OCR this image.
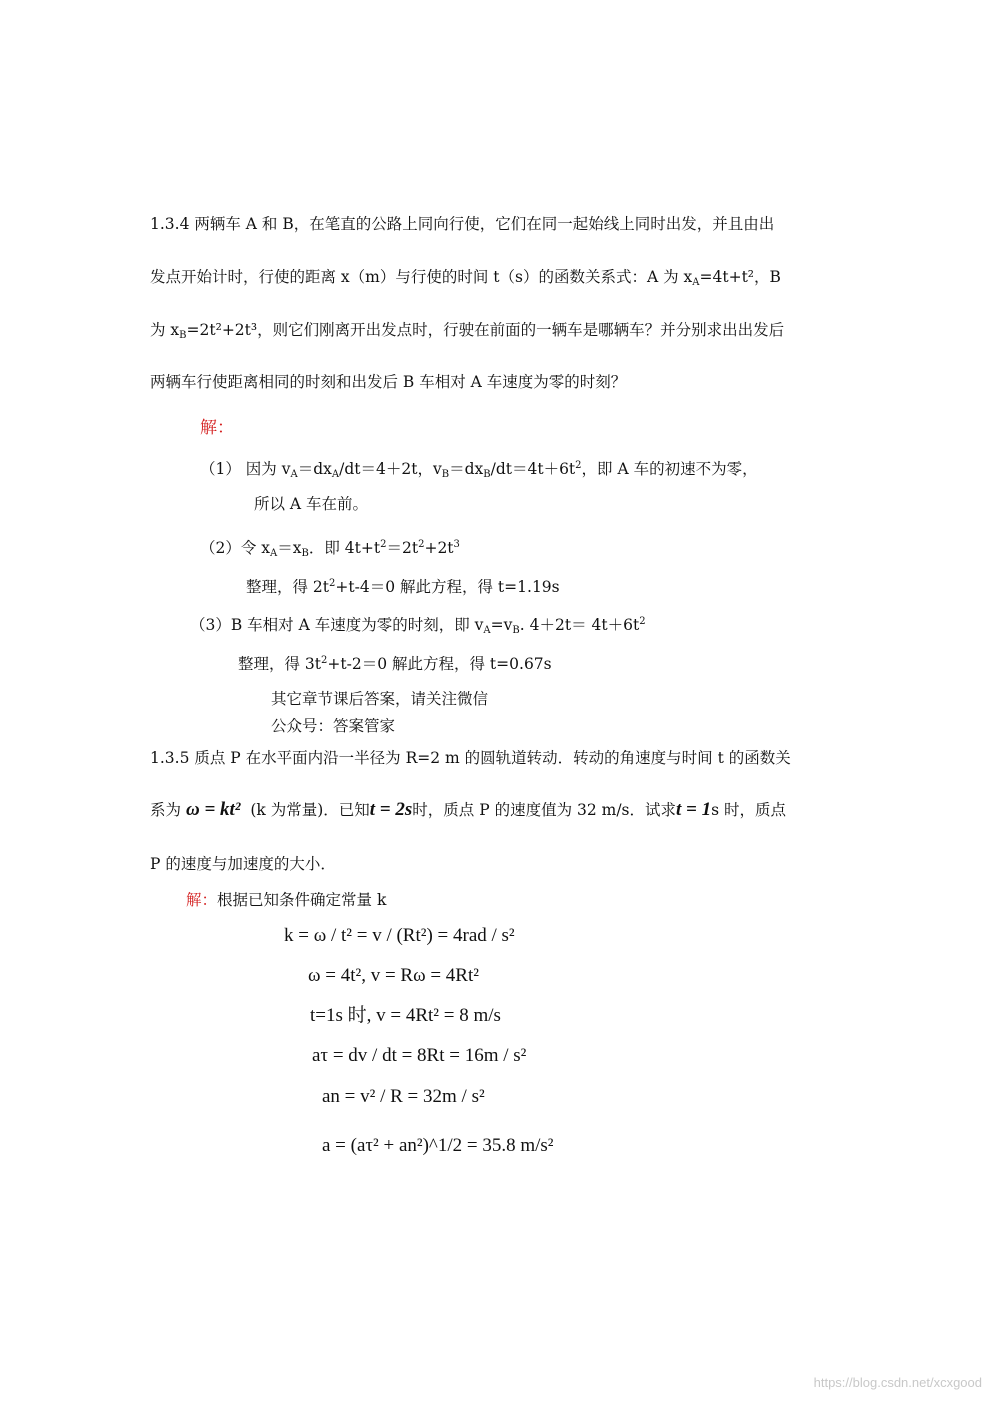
1.3.4 两辆车 A 和 B，在笔直的公路上同向行使，它们在同一起始线上同时出发，并且由出
发点开始计时，行使的距离 x（m）与行使的时间 t（s）的函数关系式：A 为 $x_A=4t+t^2$，B
为 $x_B=2t^2+2t^3$，则它们刚离开出发点时，行驶在前面的一辆车是哪辆车？并分别求出出发后
两辆车行使距离相同的时刻和出发后 B 车相对 A 车速度为零的时刻？
解：
（1） 因为 $v_A=dx_A/dt=4+2t$，$v_B=dx_B/dt=4t+6t^2$，即 A 车的初速不为零，
所以 A 车在前。
（2）令 $x_A=x_B$．即 $4t+t^2=2t^2+2t^3$
整理，得 $2t^2+t-4=0$ 解此方程，得 t=1.19s
（3）B 车相对 A 车速度为零的时刻，即 $v_A=v_B$. $4+2t= 4t+6t^2$
整理，得 $3t^2+t-2=0$ 解此方程，得 t=0.67s
其它章节课后答案，请关注微信
公众号：答案管家
1.3.5 质点 P 在水平面内沿一半径为 R=2 m 的圆轨道转动．转动的角速度与时间 t 的函数关
系为 ω = kt² (k 为常量)．已知t = 2s时，质点 P 的速度值为 32 m/s．试求t = 1s 时，质点
P 的速度与加速度的大小．
解：根据已知条件确定常量 k
k = ω / t² = v / (Rt²) = 4rad / s²
ω = 4t², v = Rω = 4Rt²
t=1s 时, v = 4Rt² = 8 m/s
aτ = dv / dt = 8Rt = 16m / s²
an = v² / R = 32m / s²
a = (aτ² + an²)^1/2 = 35.8 m/s²
https://blog.csdn.net/xcxgood
